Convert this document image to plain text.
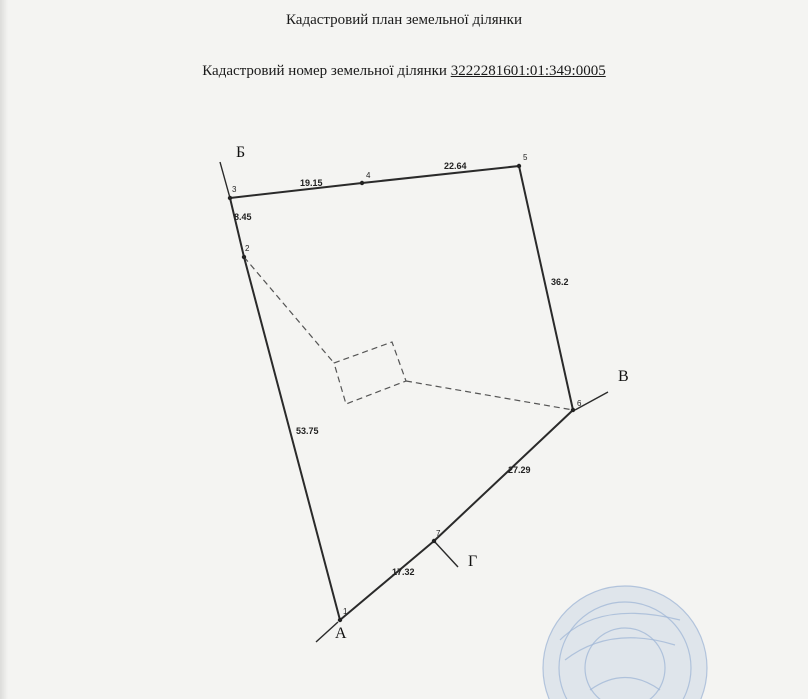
Кадастровий план земельної ділянки
Кадастровий номер земельної ділянки 3222281601:01:349:0005
1
2
3
4
5
6
7
53.75
8.45
19.15
22.64
36.2
27.29
17.32
А
Б
В
Г
